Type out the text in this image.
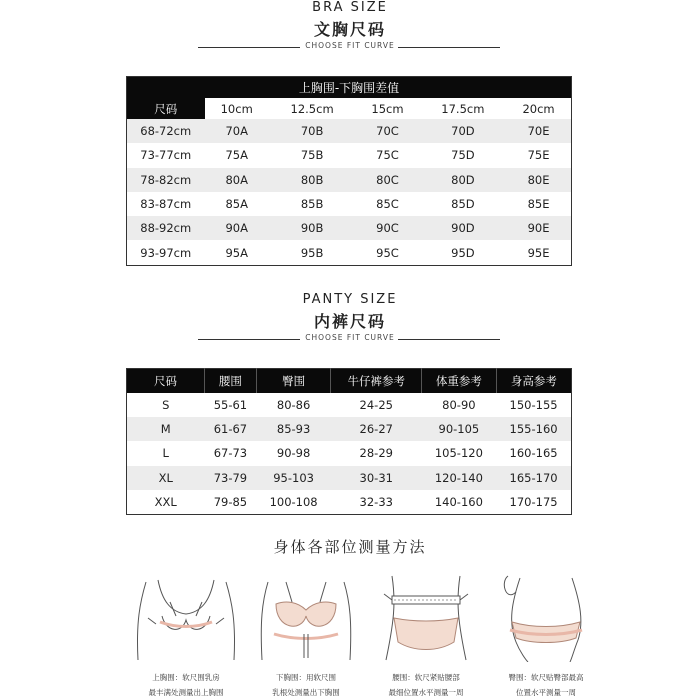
BRA SIZE
文胸尺码
CHOOSE FIT CURVE
上胸围-下胸围差值					
尺码	10cm	12.5cm	15cm	17.5cm	20cm
68-72cm	70A	70B	70C	70D	70E
73-77cm	75A	75B	75C	75D	75E
78-82cm	80A	80B	80C	80D	80E
83-87cm	85A	85B	85C	85D	85E
88-92cm	90A	90B	90C	90D	90E
93-97cm	95A	95B	95C	95D	95E
PANTY SIZE
内裤尺码
CHOOSE FIT CURVE
尺码	腰围	臀围	牛仔裤参考	体重参考	身高参考
S	55-61	80-86	24-25	80-90	150-155
M	61-67	85-93	26-27	90-105	155-160
L	67-73	90-98	28-29	105-120	160-165
XL	73-79	95-103	30-31	120-140	165-170
XXL	79-85	100-108	32-33	140-160	170-175
身体各部位测量方法
上胸围：软尺围乳房
最丰满处测量出上胸围
下胸围：用软尺围
乳根处测量出下胸围
腰围：软尺紧贴腰部
最细位置水平测量一周
臀围：软尺贴臀部最高
位置水平测量一周
